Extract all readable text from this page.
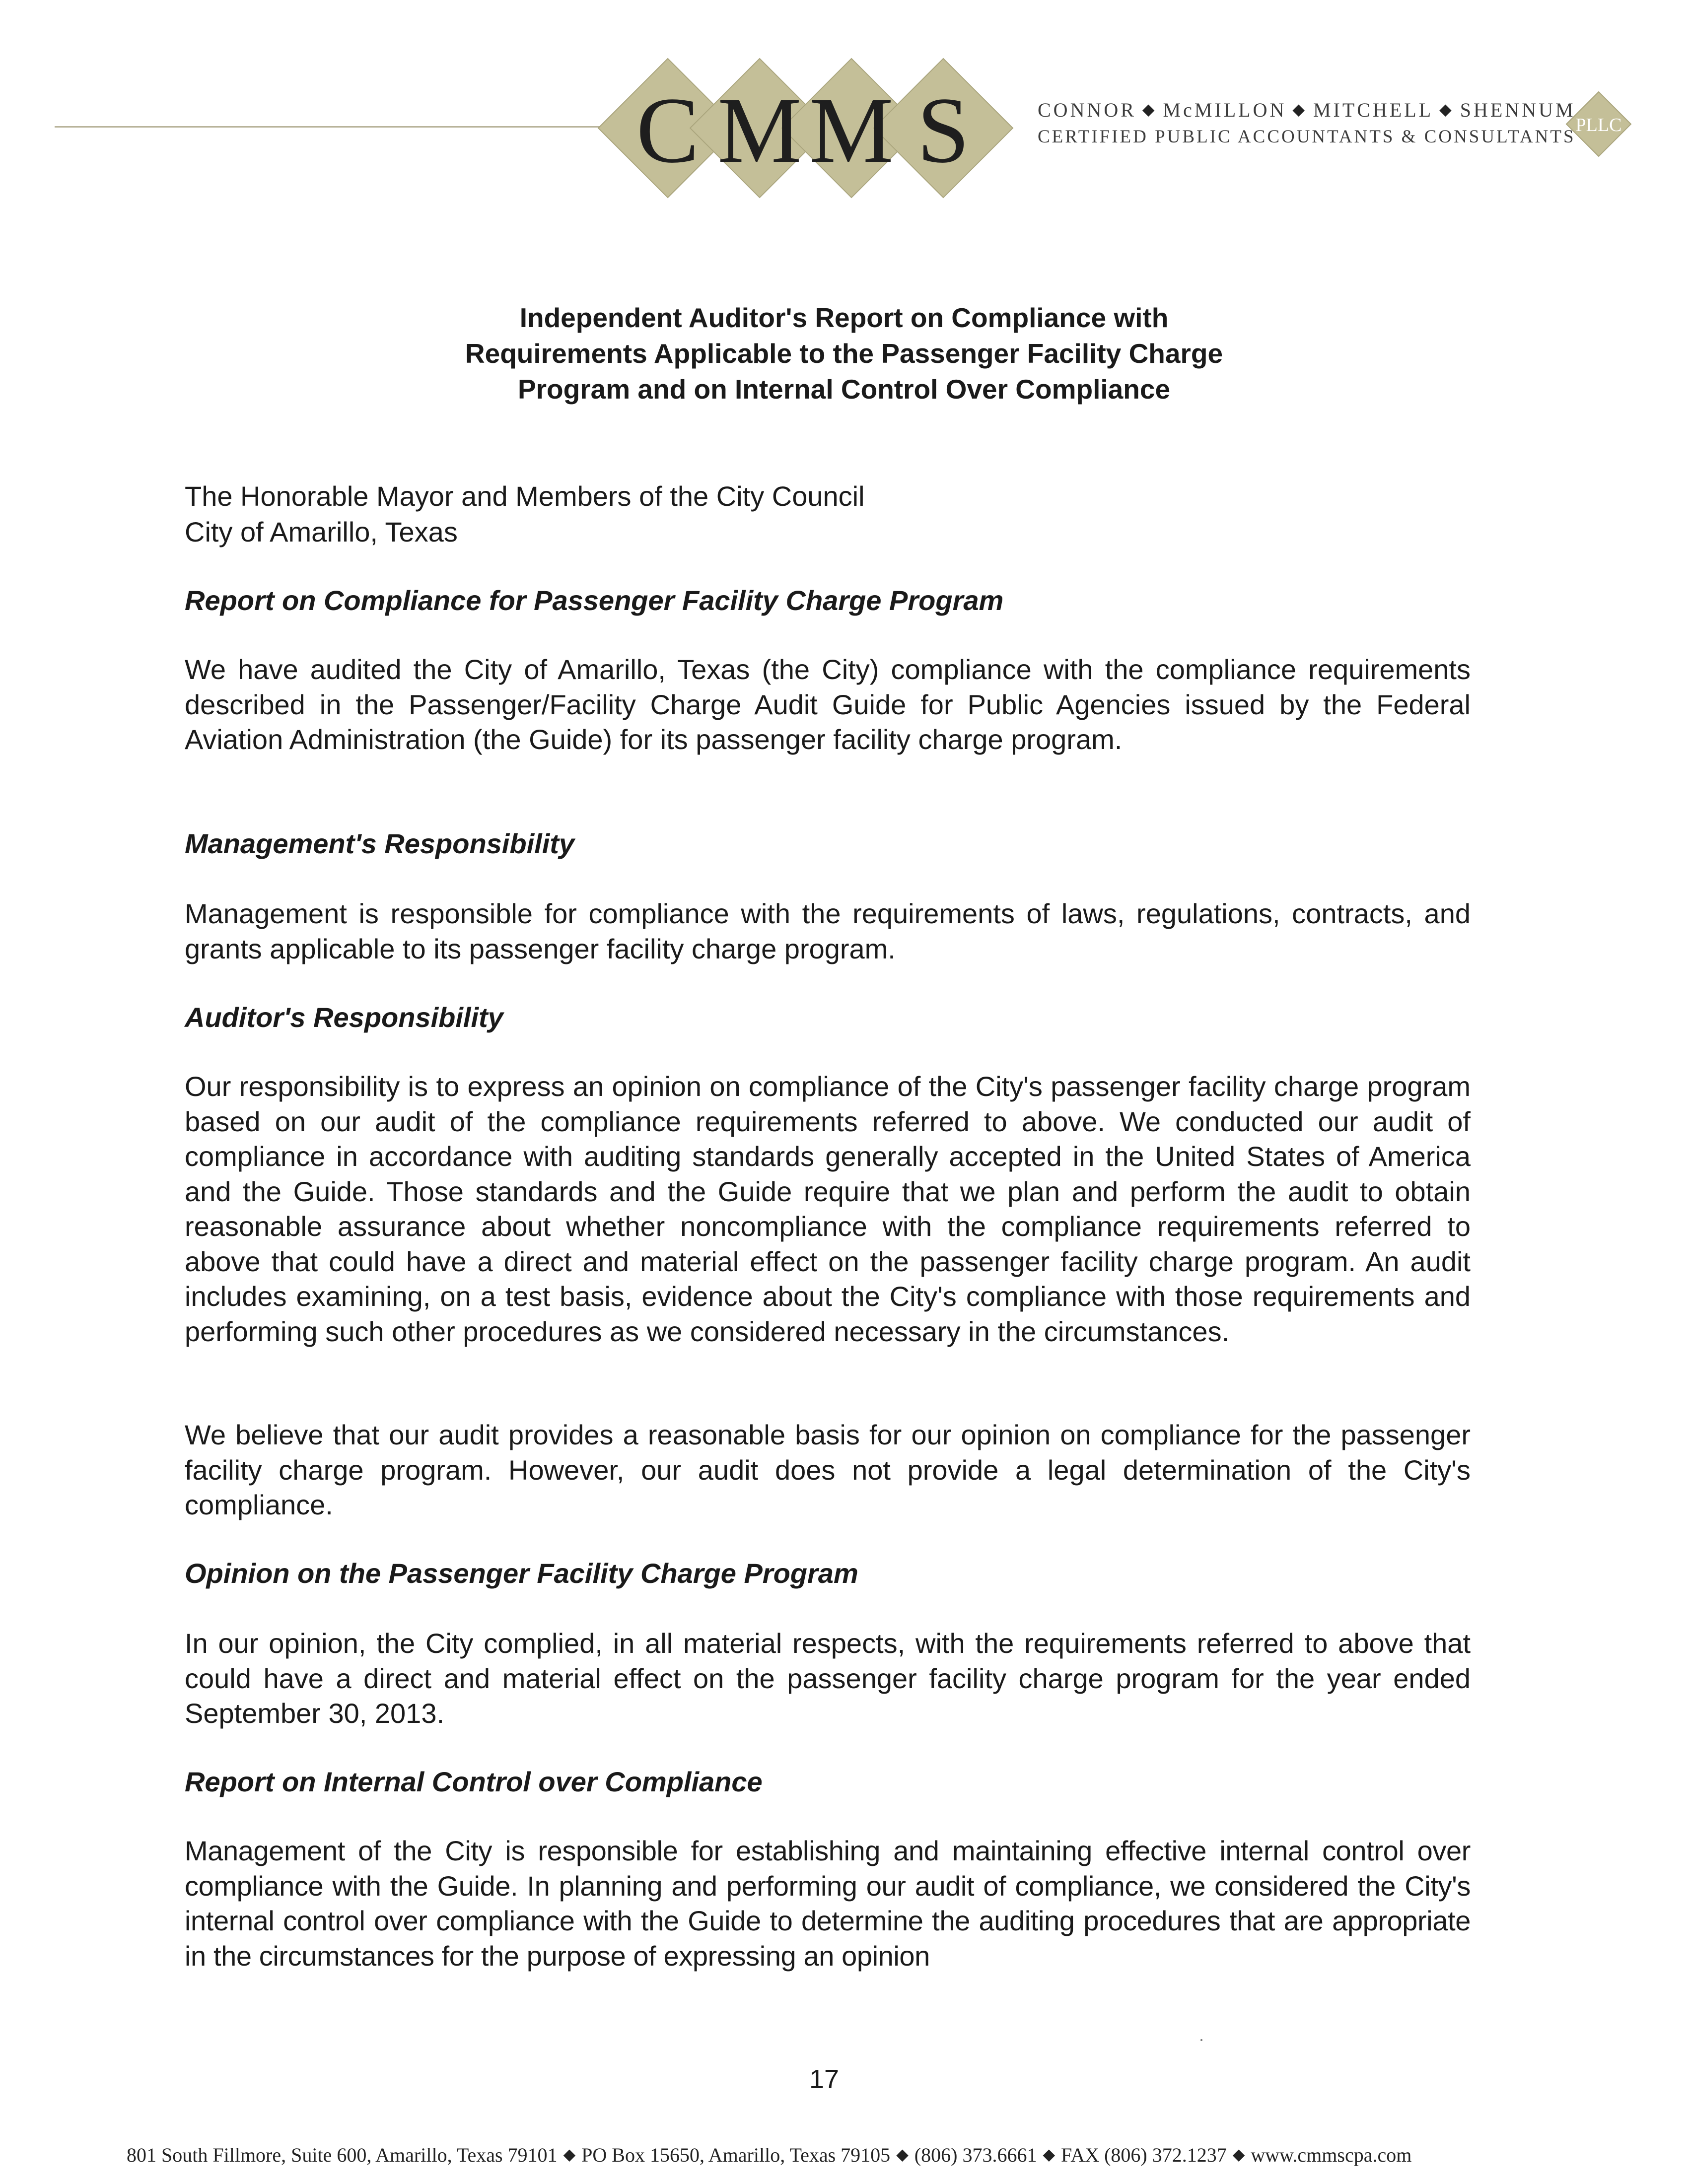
C M M S	CONNOR ◆ McMILLON ◆ MITCHELL ◆ SHENNUM
PLLC
CERTIFIED PUBLIC ACCOUNTANTS & CONSULTANTS
Independent Auditor's Report on Compliance with
Requirements Applicable to the Passenger Facility Charge
Program and on Internal Control Over Compliance
The Honorable Mayor and Members of the City Council
City of Amarillo, Texas
Report on Compliance for Passenger Facility Charge Program
We have audited the City of Amarillo, Texas (the City) compliance with the compliance requirements described in the Passenger/Facility Charge Audit Guide for Public Agencies issued by the Federal Aviation Administration (the Guide) for its passenger facility charge program.
Management's Responsibility
Management is responsible for compliance with the requirements of laws, regulations, contracts, and grants applicable to its passenger facility charge program.
Auditor's Responsibility
Our responsibility is to express an opinion on compliance of the City's passenger facility charge program based on our audit of the compliance requirements referred to above. We conducted our audit of compliance in accordance with auditing standards generally accepted in the United States of America and the Guide. Those standards and the Guide require that we plan and perform the audit to obtain reasonable assurance about whether noncompliance with the compliance requirements referred to above that could have a direct and material effect on the passenger facility charge program. An audit includes examining, on a test basis, evidence about the City's compliance with those requirements and performing such other procedures as we considered necessary in the circumstances.
We believe that our audit provides a reasonable basis for our opinion on compliance for the passenger facility charge program. However, our audit does not provide a legal determination of the City's compliance.
Opinion on the Passenger Facility Charge Program
In our opinion, the City complied, in all material respects, with the requirements referred to above that could have a direct and material effect on the passenger facility charge program for the year ended September 30, 2013.
Report on Internal Control over Compliance
Management of the City is responsible for establishing and maintaining effective internal control over compliance with the Guide. In planning and performing our audit of compliance, we considered the City's internal control over compliance with the Guide to determine the auditing procedures that are appropriate in the circumstances for the purpose of expressing an opinion
17
801 South Fillmore, Suite 600, Amarillo, Texas 79101 ◆ PO Box 15650, Amarillo, Texas 79105 ◆ (806) 373.6661 ◆ FAX (806) 372.1237 ◆ www.cmmscpa.com
